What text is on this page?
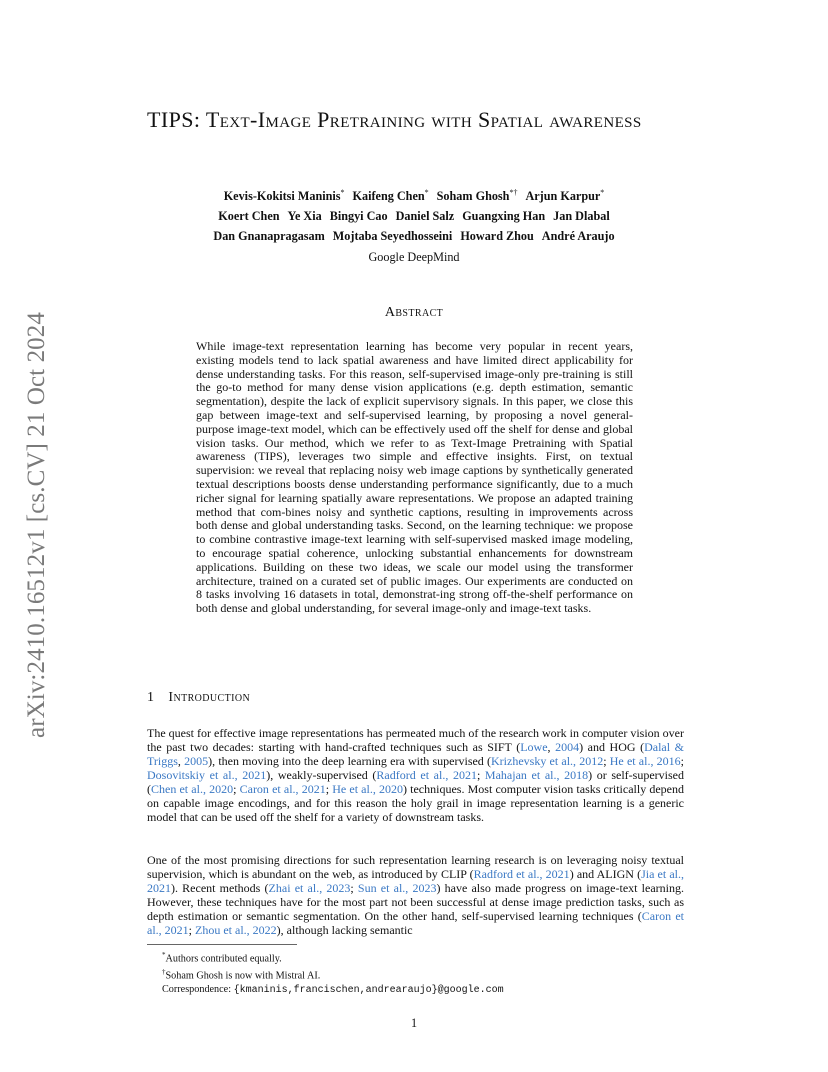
arXiv:2410.16512v1 [cs.CV] 21 Oct 2024
TIPS: Text-Image Pretraining with Spatial awareness
Kevis-Kokitsi Maninis* Kaifeng Chen* Soham Ghosh*† Arjun Karpur*
Koert Chen Ye Xia Bingyi Cao Daniel Salz Guangxing Han Jan Dlabal
Dan Gnanapragasam Mojtaba Seyedhosseini Howard Zhou André Araujo
Google DeepMind
Abstract

While image-text representation learning has become very popular in recent years, existing models tend to lack spatial awareness and have limited direct applicability for dense understanding tasks. For this reason, self-supervised image-only pre-training is still the go-to method for many dense vision applications (e.g. depth estimation, semantic segmentation), despite the lack of explicit supervisory signals. In this paper, we close this gap between image-text and self-supervised learning, by proposing a novel general-purpose image-text model, which can be effectively used off the shelf for dense and global vision tasks. Our method, which we refer to as Text-Image Pretraining with Spatial awareness (TIPS), leverages two simple and effective insights. First, on textual supervision: we reveal that replacing noisy web image captions by synthetically generated textual descriptions boosts dense understanding performance significantly, due to a much richer signal for learning spatially aware representations. We propose an adapted training method that com-bines noisy and synthetic captions, resulting in improvements across both dense and global understanding tasks. Second, on the learning technique: we propose to combine contrastive image-text learning with self-supervised masked image modeling, to encourage spatial coherence, unlocking substantial enhancements for downstream applications. Building on these two ideas, we scale our model using the transformer architecture, trained on a curated set of public images. Our experiments are conducted on 8 tasks involving 16 datasets in total, demonstrat-ing strong off-the-shelf performance on both dense and global understanding, for several image-only and image-text tasks.

1 Introduction

The quest for effective image representations has permeated much of the research work in computer vision over the past two decades: starting with hand-crafted techniques such as SIFT (Lowe, 2004) and HOG (Dalal & Triggs, 2005), then moving into the deep learning era with supervised (Krizhevsky et al., 2012; He et al., 2016; Dosovitskiy et al., 2021), weakly-supervised (Radford et al., 2021; Mahajan et al., 2018) or self-supervised (Chen et al., 2020; Caron et al., 2021; He et al., 2020) techniques. Most computer vision tasks critically depend on capable image encodings, and for this reason the holy grail in image representation learning is a generic model that can be used off the shelf for a variety of downstream tasks.

One of the most promising directions for such representation learning research is on leveraging noisy textual supervision, which is abundant on the web, as introduced by CLIP (Radford et al., 2021) and ALIGN (Jia et al., 2021). Recent methods (Zhai et al., 2023; Sun et al., 2023) have also made progress on image-text learning. However, these techniques have for the most part not been successful at dense image prediction tasks, such as depth estimation or semantic segmentation. On the other hand, self-supervised learning techniques (Caron et al., 2021; Zhou et al., 2022), although lacking semantic

*Authors contributed equally.
†Soham Ghosh is now with Mistral AI.
Correspondence: {kmaninis,francischen,andrearaujo}@google.com
1
